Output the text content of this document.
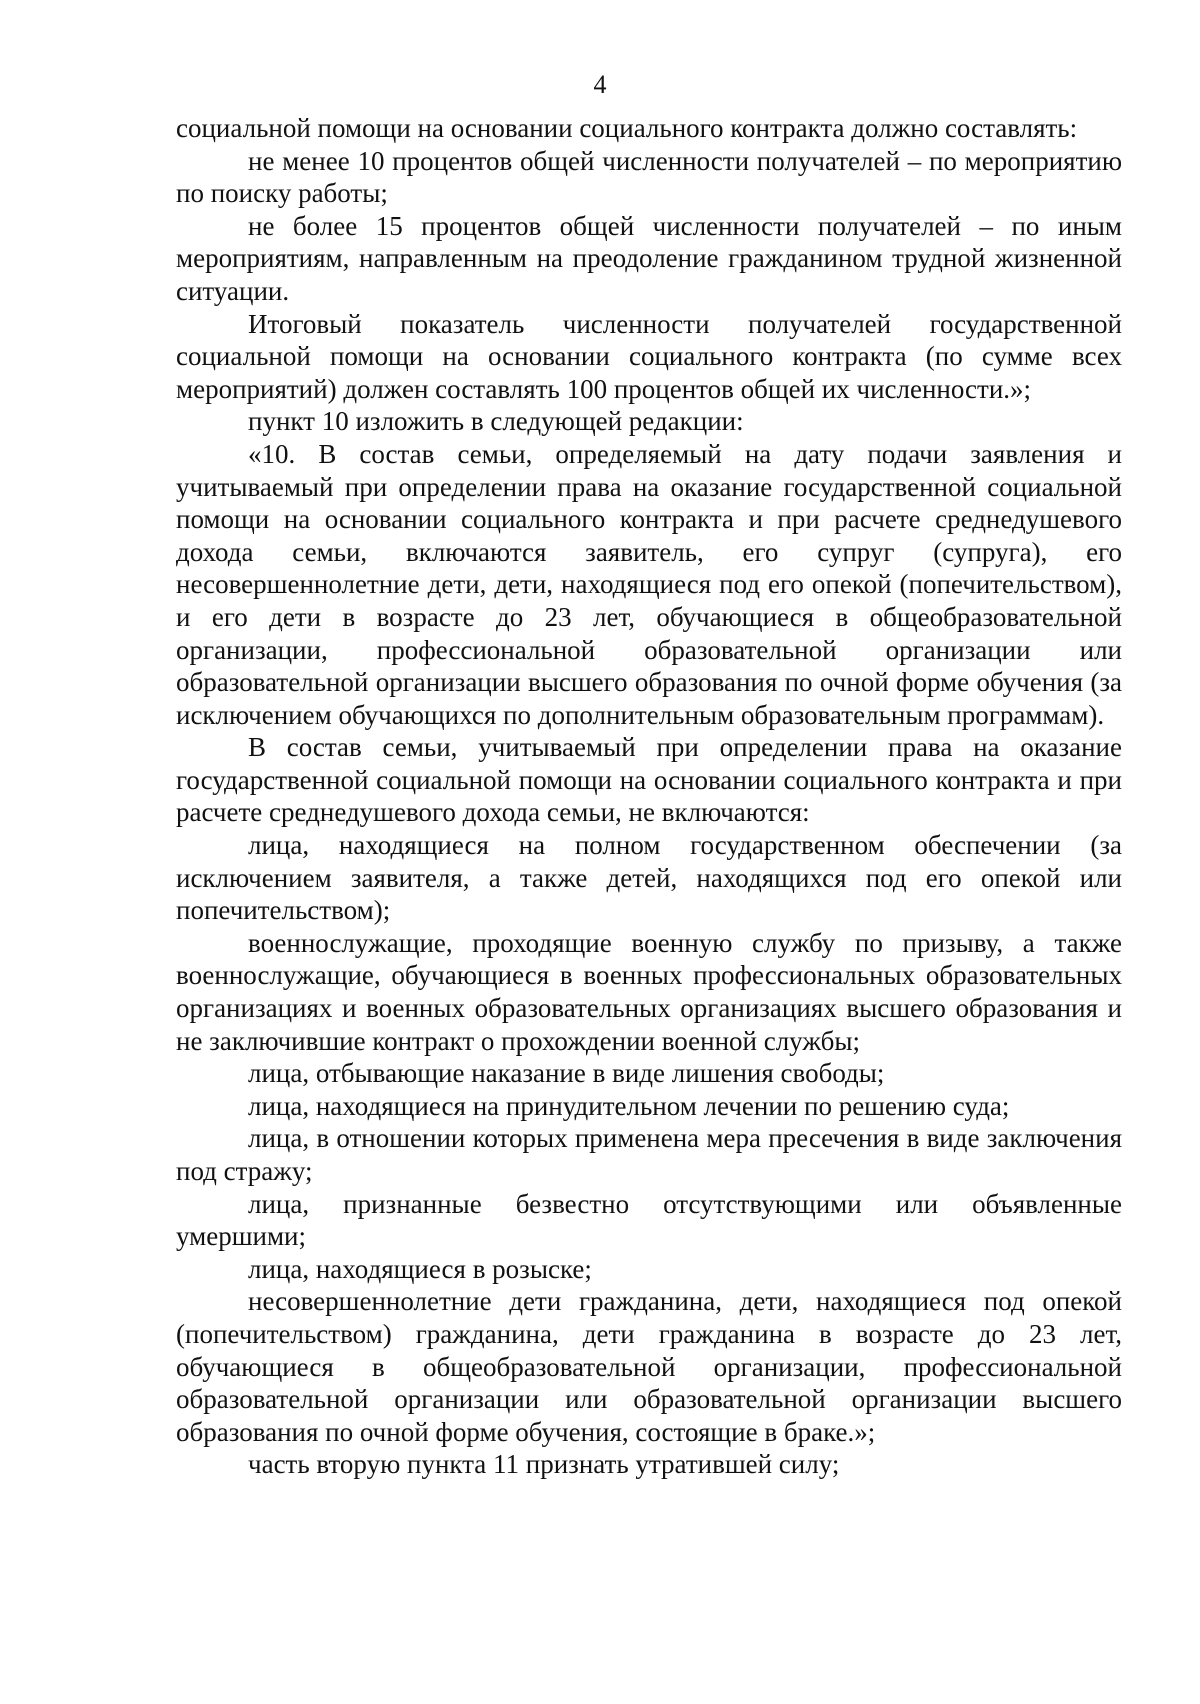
4

социальной помощи на основании социального контракта должно составлять:

не менее 10 процентов общей численности получателей – по мероприятию по поиску работы;

не более 15 процентов общей численности получателей – по иным мероприятиям, направленным на преодоление гражданином трудной жизненной ситуации.

Итоговый показатель численности получателей государственной социальной помощи на основании социального контракта (по сумме всех мероприятий) должен составлять 100 процентов общей их численности.»;

пункт 10 изложить в следующей редакции:

«10. В состав семьи, определяемый на дату подачи заявления и учитываемый при определении права на оказание государственной социальной помощи на основании социального контракта и при расчете среднедушевого дохода семьи, включаются заявитель, его супруг (супруга), его несовершеннолетние дети, дети, находящиеся под его опекой (попечительством), и его дети в возрасте до 23 лет, обучающиеся в общеобразовательной организации, профессиональной образовательной организации или образовательной организации высшего образования по очной форме обучения (за исключением обучающихся по дополнительным образовательным программам).

В состав семьи, учитываемый при определении права на оказание государственной социальной помощи на основании социального контракта и при расчете среднедушевого дохода семьи, не включаются:

лица, находящиеся на полном государственном обеспечении (за исключением заявителя, а также детей, находящихся под его опекой или попечительством);

военнослужащие, проходящие военную службу по призыву, а также военнослужащие, обучающиеся в военных профессиональных образовательных организациях и военных образовательных организациях высшего образования и не заключившие контракт о прохождении военной службы;

лица, отбывающие наказание в виде лишения свободы;

лица, находящиеся на принудительном лечении по решению суда;

лица, в отношении которых применена мера пресечения в виде заключения под стражу;

лица, признанные безвестно отсутствующими или объявленные умершими;

лица, находящиеся в розыске;

несовершеннолетние дети гражданина, дети, находящиеся под опекой (попечительством) гражданина, дети гражданина в возрасте до 23 лет, обучающиеся в общеобразовательной организации, профессиональной образовательной организации или образовательной организации высшего образования по очной форме обучения, состоящие в браке.»;

часть вторую пункта 11 признать утратившей силу;
